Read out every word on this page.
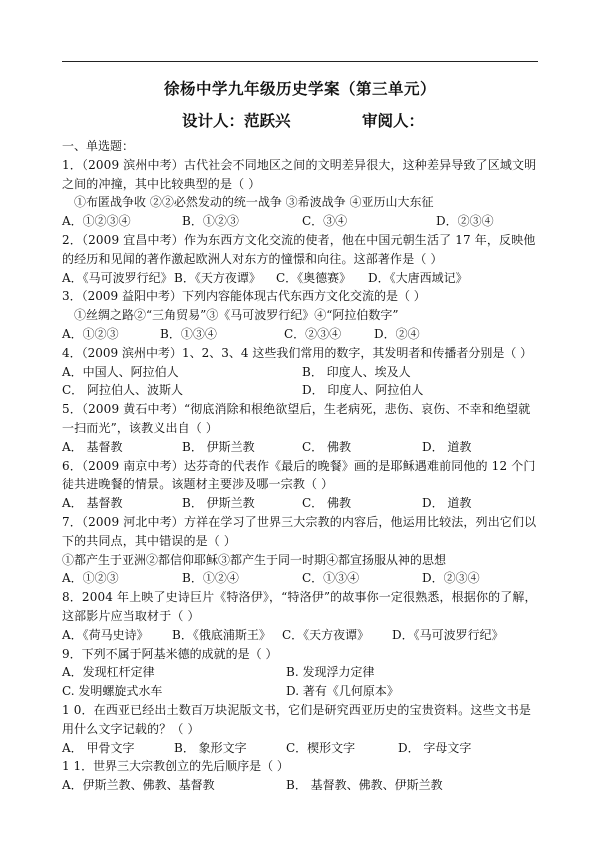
徐杨中学九年级历史学案（第三单元）
设计人：范跃兴	审阅人：
一、单选题：
1．（2009 滨州中考）古代社会不同地区之间的文明差异很大，这种差异导致了区域文明之间的冲撞，其中比较典型的是（ ）
①布匿战争收 ②②必然发动的统一战争 ③希波战争 ④亚历山大东征
A．①②③④	B．①②③	C．③④	D．②③④
2．（2009 宜昌中考）作为东西方文化交流的使者，他在中国元朝生活了 17 年，反映他的经历和见闻的著作激起欧洲人对东方的憧憬和向往。这部著作是（ ）
A．《马可波罗行纪》 B．《天方夜谭》	C．《奥德赛》	D．《大唐西域记》
3．（2009 益阳中考）下列内容能体现古代东西方文化交流的是（ ）
①丝绸之路②“三角贸易”③《马可波罗行纪》④“阿拉伯数字”
A．①②③	B．①③④	C．②③④	D．②④
4．（2009 滨州中考）1、2、3、4 这些我们常用的数字，其发明者和传播者分别是（ ）
A．中国人、阿拉伯人	B． 印度人、埃及人
C． 阿拉伯人、波斯人	D． 印度人、阿拉伯人
5．（2009 黄石中考）“彻底消除和根绝欲望后，生老病死，悲伤、哀伤、不幸和绝望就一扫而光”，该教义出自（ ）
A． 基督教	B． 伊斯兰教	C． 佛教	D． 道教
6．（2009 南京中考）达芬奇的代表作《最后的晚餐》画的是耶稣遇难前同他的 12 个门徒共进晚餐的情景。该题材主要涉及哪一宗教（ ）
A． 基督教	B． 伊斯兰教	C． 佛教	D． 道教
7．（2009 河北中考）方祥在学习了世界三大宗教的内容后，他运用比较法，列出它们以下的共同点，其中错误的是（ ）
①都产生于亚洲②都信仰耶稣③都产生于同一时期④都宣扬服从神的思想
A．①②③	B．①②④	C．①③④	D．②③④
8．2004 年上映了史诗巨片《特洛伊》，“特洛伊”的故事你一定很熟悉，根据你的了解，这部影片应当取材于（ ）
A．《荷马史诗》	B．《俄底浦斯王》 C．《天方夜谭》	D．《马可波罗行纪》
9．下列不属于阿基米德的成就的是（ ）
A．发现杠杆定律	B. 发现浮力定律
C. 发明螺旋式水车	D. 著有《几何原本》
1 0．在西亚已经出土数百万块泥版文书，它们是研究西亚历史的宝贵资料。这些文书是用什么文字记载的？（ ）
A． 甲骨文字	B． 象形文字	C．楔形文字	D． 字母文字
1 1．世界三大宗教创立的先后顺序是（ ）
A．伊斯兰教、佛教、基督教	B． 基督教、佛教、伊斯兰教
